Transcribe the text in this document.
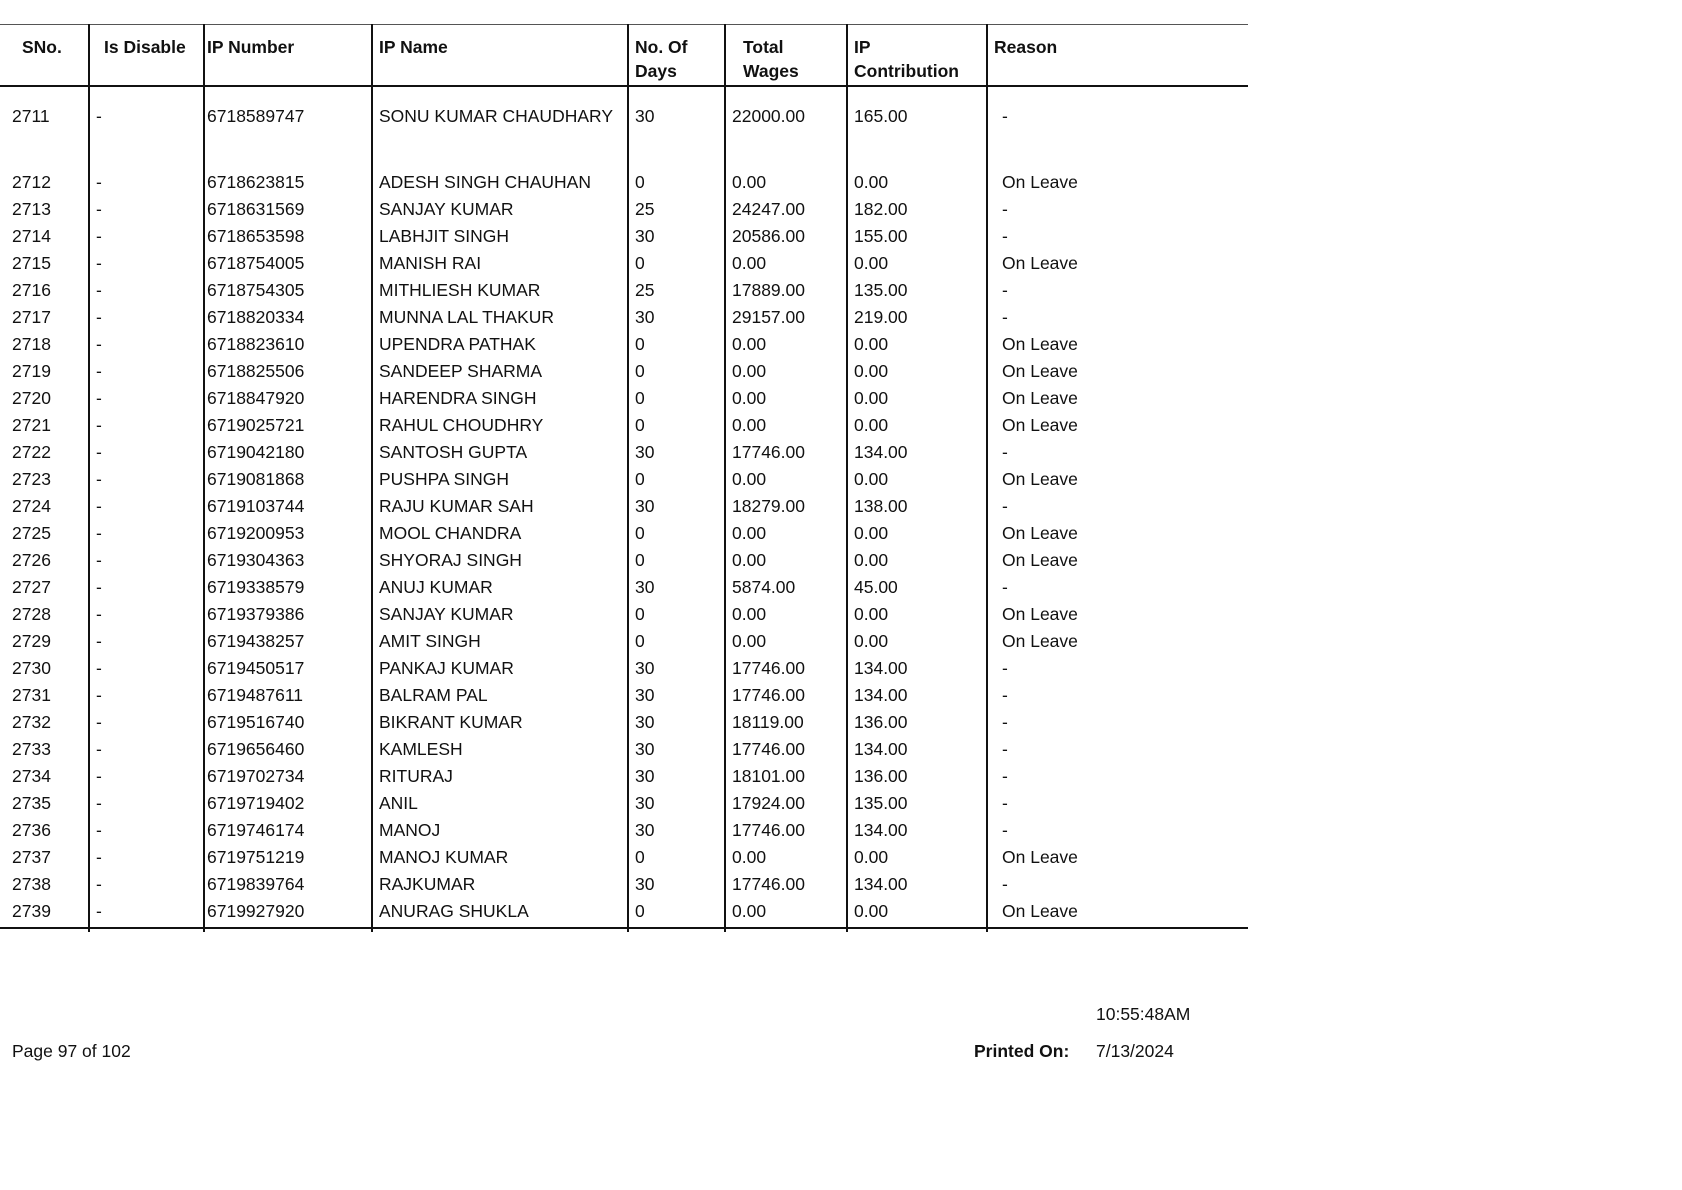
SNo.	Is Disable	IP Number	IP Name	No. Of Days	Total Wages	IP Contribution	Reason
2711	-	6718589747	SONU KUMAR CHAUDHARY	30	22000.00	165.00	-
2712	-	6718623815	ADESH SINGH CHAUHAN	0	0.00	0.00	On Leave
2713	-	6718631569	SANJAY KUMAR	25	24247.00	182.00	-
2714	-	6718653598	LABHJIT SINGH	30	20586.00	155.00	-
2715	-	6718754005	MANISH RAI	0	0.00	0.00	On Leave
2716	-	6718754305	MITHLIESH KUMAR	25	17889.00	135.00	-
2717	-	6718820334	MUNNA LAL THAKUR	30	29157.00	219.00	-
2718	-	6718823610	UPENDRA PATHAK	0	0.00	0.00	On Leave
2719	-	6718825506	SANDEEP SHARMA	0	0.00	0.00	On Leave
2720	-	6718847920	HARENDRA SINGH	0	0.00	0.00	On Leave
2721	-	6719025721	RAHUL CHOUDHRY	0	0.00	0.00	On Leave
2722	-	6719042180	SANTOSH GUPTA	30	17746.00	134.00	-
2723	-	6719081868	PUSHPA SINGH	0	0.00	0.00	On Leave
2724	-	6719103744	RAJU KUMAR SAH	30	18279.00	138.00	-
2725	-	6719200953	MOOL CHANDRA	0	0.00	0.00	On Leave
2726	-	6719304363	SHYORAJ SINGH	0	0.00	0.00	On Leave
2727	-	6719338579	ANUJ KUMAR	30	5874.00	45.00	-
2728	-	6719379386	SANJAY KUMAR	0	0.00	0.00	On Leave
2729	-	6719438257	AMIT SINGH	0	0.00	0.00	On Leave
2730	-	6719450517	PANKAJ KUMAR	30	17746.00	134.00	-
2731	-	6719487611	BALRAM PAL	30	17746.00	134.00	-
2732	-	6719516740	BIKRANT KUMAR	30	18119.00	136.00	-
2733	-	6719656460	KAMLESH	30	17746.00	134.00	-
2734	-	6719702734	RITURAJ	30	18101.00	136.00	-
2735	-	6719719402	ANIL	30	17924.00	135.00	-
2736	-	6719746174	MANOJ	30	17746.00	134.00	-
2737	-	6719751219	MANOJ KUMAR	0	0.00	0.00	On Leave
2738	-	6719839764	RAJKUMAR	30	17746.00	134.00	-
2739	-	6719927920	ANURAG SHUKLA	0	0.00	0.00	On Leave

10:55:48AM
Page 97 of 102	Printed On: 7/13/2024
